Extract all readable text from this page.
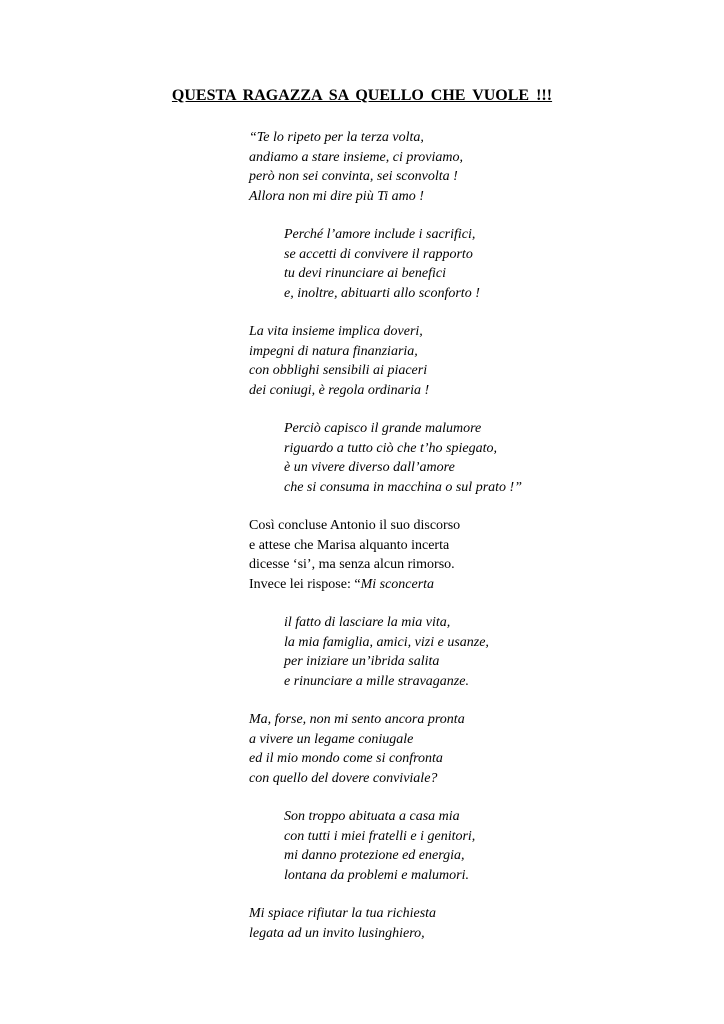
QUESTA RAGAZZA SA QUELLO CHE VUOLE !!!
“Te lo ripeto per la terza volta,
andiamo a stare insieme, ci proviamo,
però non sei convinta, sei sconvolta !
Allora non mi dire più Ti amo !
Perché l’amore include i sacrifici,
se accetti di convivere il rapporto
tu devi rinunciare ai benefici
e, inoltre, abituarti allo sconforto !
La vita insieme implica doveri,
impegni di natura finanziaria,
con obblighi sensibili ai piaceri
dei coniugi, è regola ordinaria !
Perciò capisco il grande malumore
riguardo a tutto ciò che t’ho spiegato,
è un vivere diverso dall’amore
che si consuma in macchina o sul prato !”
Così concluse Antonio il suo discorso
e attese che Marisa alquanto incerta
dicesse ‘si’, ma senza alcun rimorso.
Invece lei rispose: “Mi sconcerta
il fatto di lasciare la mia vita,
la mia famiglia, amici, vizi e usanze,
per iniziare un’ibrida salita
e rinunciare a mille stravaganze.
Ma, forse, non mi sento ancora pronta
a vivere un legame coniugale
ed il mio mondo come si confronta
con quello del dovere conviviale?
Son troppo abituata a casa mia
con tutti i miei fratelli e i genitori,
mi danno protezione ed energia,
lontana da problemi e malumori.
Mi spiace rifiutar la tua richiesta
legata ad un invito lusinghiero,
